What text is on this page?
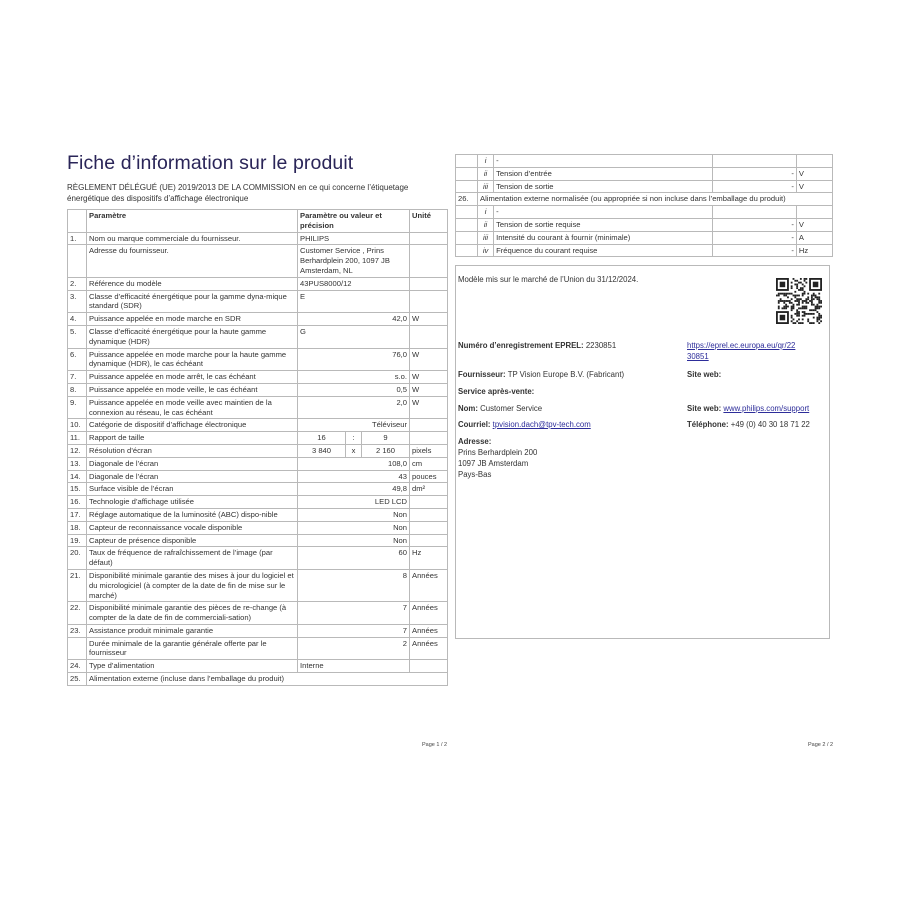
Fiche d’information sur le produit
RÈGLEMENT DÉLÉGUÉ (UE) 2019/2013 DE LA COMMISSION en ce qui concerne l’étiquetage énergétique des dispositifs d’affichage électronique
	Paramètre	Paramètre ou valeur et précision			Unité
1.	Nom ou marque commerciale du fournisseur.	PHILIPS			
	Adresse du fournisseur.	Customer Service , Prins Berhardplein 200, 1097 JB Amsterdam, NL			
2.	Référence du modèle	43PUS8000/12			
3.	Classe d’efficacité énergétique pour la gamme dyna-mique standard (SDR)	E			
4.	Puissance appelée en mode marche en SDR	42,0			W
5.	Classe d’efficacité énergétique pour la haute gamme dynamique (HDR)	G			
6.	Puissance appelée en mode marche pour la haute gamme dynamique (HDR), le cas échéant	76,0			W
7.	Puissance appelée en mode arrêt, le cas échéant	s.o.			W
8.	Puissance appelée en mode veille, le cas échéant	0,5			W
9.	Puissance appelée en mode veille avec maintien de la connexion au réseau, le cas échéant	2,0			W
10.	Catégorie de dispositif d’affichage électronique	Téléviseur			
11.	Rapport de taille	16	:	9	
12.	Résolution d’écran	3 840	x	2 160	pixels
13.	Diagonale de l’écran	108,0			cm
14.	Diagonale de l’écran	43			pouces
15.	Surface visible de l’écran	49,8			dm²
16.	Technologie d’affichage utilisée	LED LCD			
17.	Réglage automatique de la luminosité (ABC) dispo-nible	Non			
18.	Capteur de reconnaissance vocale disponible	Non			
19.	Capteur de présence disponible	Non			
20.	Taux de fréquence de rafraîchissement de l’image (par défaut)	60			Hz
21.	Disponibilité minimale garantie des mises à jour du logiciel et du micrologiciel (à compter de la date de fin de mise sur le marché)	8			Années
22.	Disponibilité minimale garantie des pièces de re-change (à compter de la date de fin de commerciali-sation)	7			Années
23.	Assistance produit minimale garantie	7			Années
	Durée minimale de la garantie générale offerte par le fournisseur	2			Années
24.	Type d’alimentation	Interne			
25.	Alimentation externe (incluse dans l’emballage du produit)				
Page 1 / 2
	i	-		
	ii	Tension d’entrée	-	V
	iii	Tension de sortie	-	V
26.	Alimentation externe normalisée (ou appropriée si non incluse dans l’emballage du produit)			
	i	-		
	ii	Tension de sortie requise	-	V
	iii	Intensité du courant à fournir (minimale)	-	A
	iv	Fréquence du courant requise	-	Hz
Modèle mis sur le marché de l’Union du 31/12/2024.
Numéro d’enregistrement EPREL: 2230851	https://eprel.ec.europa.eu/qr/22
30851
Fournisseur: TP Vision Europe B.V. (Fabricant)	Site web:
Service après-vente:
Nom: Customer Service	Site web: www.philips.com/support
Courriel: tpvision.dach@tpv-tech.com	Téléphone: +49 (0) 40 30 18 71 22
Adresse:
Prins Berhardplein 200
1097 JB Amsterdam
Pays-Bas
Page 2 / 2
